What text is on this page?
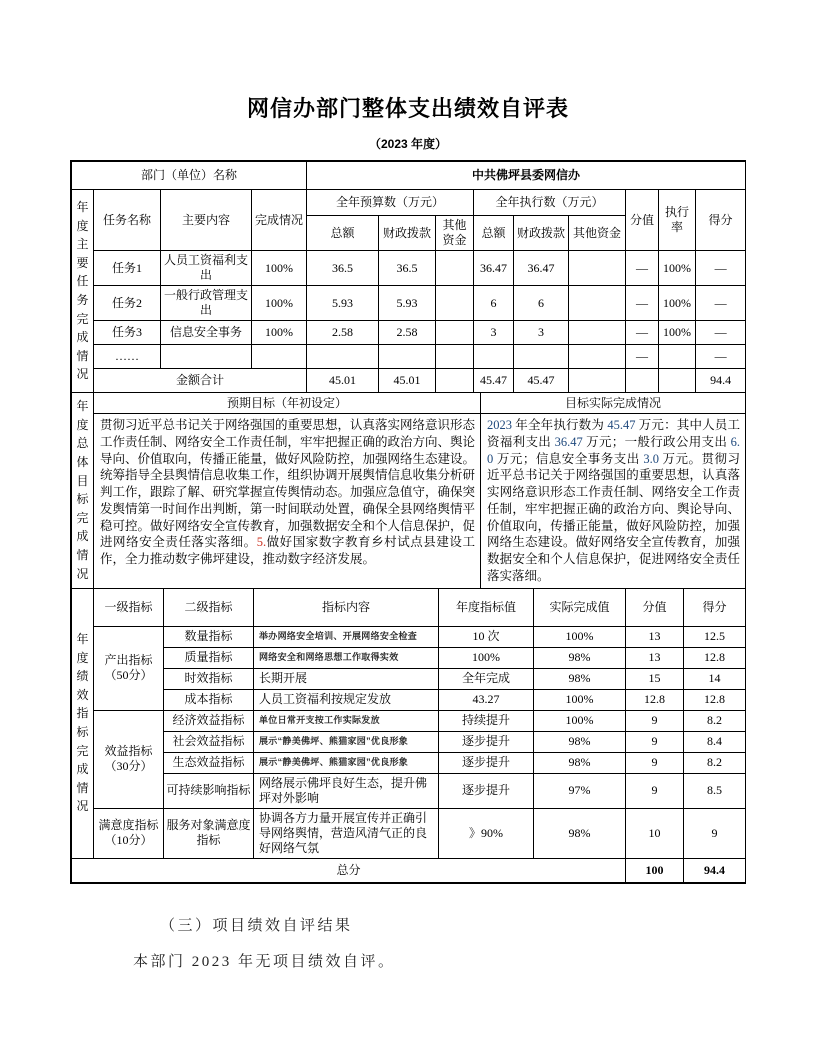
网信办部门整体支出绩效自评表
（2023 年度）
部门（单位）名称				中共佛坪县委网信办								

年度主要任务完成情况	任务名称	主要内容	完成情况	全年预算数（万元）			全年执行数（万元）			分值	执行率	得分
				总额	财政拨款	其他资金	总额	财政拨款	其他资金			
	任务1	人员工资福利支出	100%	36.5	36.5		36.47	36.47		—	100%	—
	任务2	一般行政管理支出	100%	5.93	5.93		6	6		—	100%	—
	任务3	信息安全事务	100%	2.58	2.58		3	3		—	100%	—
	……									—		—
	金额合计			45.01	45.01		45.47	45.47				94.4
年度总体目标完成情况	预期目标（年初设定）	目标实际完成情况
贯彻习近平总书记关于网络强国的重要思想，认真落实网络意识形态工作责任制、网络安全工作责任制，牢牢把握正确的政治方向、舆论导向、价值取向，传播正能量，做好风险防控，加强网络生态建设。统筹指导全县舆情信息收集工作，组织协调开展舆情信息收集分析研判工作，跟踪了解、研究掌握宣传舆情动态。加强应急值守，确保突发舆情第一时间作出判断，第一时间联动处置，确保全县网络舆情平稳可控。做好网络安全宣传教育，加强数据安全和个人信息保护，促进网络安全责任落实落细。5.做好国家数字教育乡村试点县建设工作，全力推动数字佛坪建设，推动数字经济发展。	2023 年全年执行数为 45.47 万元：其中人员工资福利支出 36.47 万元；一般行政公用支出 6.0 万元；信息安全事务支出 3.0 万元。贯彻习近平总书记关于网络强国的重要思想，认真落实网络意识形态工作责任制、网络安全工作责任制，牢牢把握正确的政治方向、舆论导向、价值取向，传播正能量，做好风险防控，加强网络生态建设。做好网络安全宣传教育，加强数据安全和个人信息保护，促进网络安全责任落实落细。
年度绩效指标完成情况	一级指标	二级指标	指标内容	年度指标值	实际完成值	分值	得分
	产出指标（50分）	数量指标	举办网络安全培训、开展网络安全检查	10 次	100%	13	12.5
		质量指标	网络安全和网络思想工作取得实效	100%	98%	13	12.8
		时效指标	长期开展	全年完成	98%	15	14
		成本指标	人员工资福利按规定发放	43.27	100%	12.8	12.8
	效益指标（30分）	经济效益指标	单位日常开支按工作实际发放	持续提升	100%	9	8.2
		社会效益指标	展示“静美佛坪、熊猫家园”优良形象	逐步提升	98%	9	8.4
		生态效益指标	展示“静美佛坪、熊猫家园”优良形象	逐步提升	98%	9	8.2
		可持续影响指标	网络展示佛坪良好生态，提升佛坪对外影响	逐步提升	97%	9	8.5
	满意度指标（10分）	服务对象满意度指标	协调各方力量开展宣传并正确引导网络舆情，营造风清气正的良好网络气氛	》90%	98%	10	9
总分						100	94.4
（三）项目绩效自评结果
本部门 2023 年无项目绩效自评。
